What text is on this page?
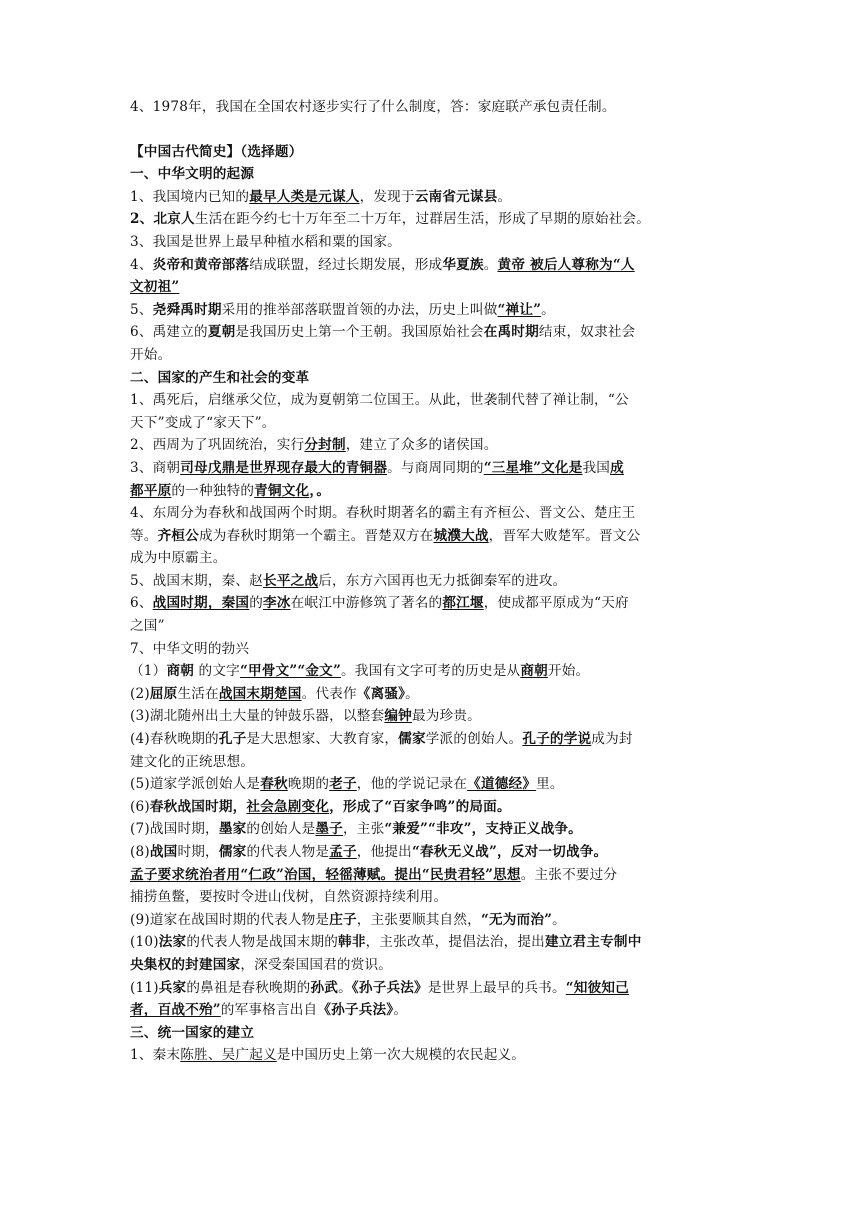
4、1978年，我国在全国农村逐步实行了什么制度，答：家庭联产承包责任制。
【中国古代简史】（选择题）
一、中华文明的起源
1、我国境内已知的最早人类是元谋人，发现于云南省元谋县。
2、北京人生活在距今约七十万年至二十万年，过群居生活，形成了早期的原始社会。
3、我国是世界上最早种植水稻和粟的国家。
4、炎帝和黄帝部落结成联盟，经过长期发展，形成华夏族。黄帝 被后人尊称为“人
文初祖”
5、尧舜禹时期采用的推举部落联盟首领的办法，历史上叫做“禅让”。
6、禹建立的夏朝是我国历史上第一个王朝。我国原始社会在禹时期结束，奴隶社会
开始。
二、国家的产生和社会的变革
1、禹死后，启继承父位，成为夏朝第二位国王。从此，世袭制代替了禅让制，“公
天下”变成了“家天下”。
2、西周为了巩固统治，实行分封制，建立了众多的诸侯国。
3、商朝司母戊鼎是世界现存最大的青铜器。与商周同期的“三星堆”文化是我国成
都平原的一种独特的青铜文化，。
4、东周分为春秋和战国两个时期。春秋时期著名的霸主有齐桓公、晋文公、楚庄王
等。齐桓公成为春秋时期第一个霸主。晋楚双方在城濮大战，晋军大败楚军。晋文公
成为中原霸主。
5、战国末期，秦、赵长平之战后，东方六国再也无力抵御秦军的进攻。
6、战国时期，秦国的李冰在岷江中游修筑了著名的都江堰，使成都平原成为“天府
之国”
7、中华文明的勃兴
（1）商朝 的文字“甲骨文”“金文”。我国有文字可考的历史是从商朝开始。
(2)屈原生活在战国末期楚国。代表作《离骚》。
(3)湖北随州出土大量的钟鼓乐器，以整套编钟最为珍贵。
(4)春秋晚期的孔子是大思想家、大教育家，儒家学派的创始人。孔子的学说成为封
建文化的正统思想。
(5)道家学派创始人是春秋晚期的老子，他的学说记录在《道德经》里。
(6)春秋战国时期，社会急剧变化，形成了“百家争鸣”的局面。
(7)战国时期，墨家的创始人是墨子，主张“兼爱”“非攻”，支持正义战争。
(8)战国时期，儒家的代表人物是孟子，他提出“春秋无义战”，反对一切战争。
孟子要求统治者用“仁政”治国，轻徭薄赋。提出“民贵君轻”思想。主张不要过分
捕捞鱼鳖，要按时令进山伐树，自然资源持续利用。
(9)道家在战国时期的代表人物是庄子，主张要顺其自然，“无为而治”。
(10)法家的代表人物是战国末期的韩非，主张改革，提倡法治，提出建立君主专制中
央集权的封建国家，深受秦国国君的赏识。
(11)兵家的鼻祖是春秋晚期的孙武。《孙子兵法》是世界上最早的兵书。“知彼知己
者，百战不殆”的军事格言出自《孙子兵法》。
三、统一国家的建立
1、秦末陈胜、吴广起义是中国历史上第一次大规模的农民起义。
